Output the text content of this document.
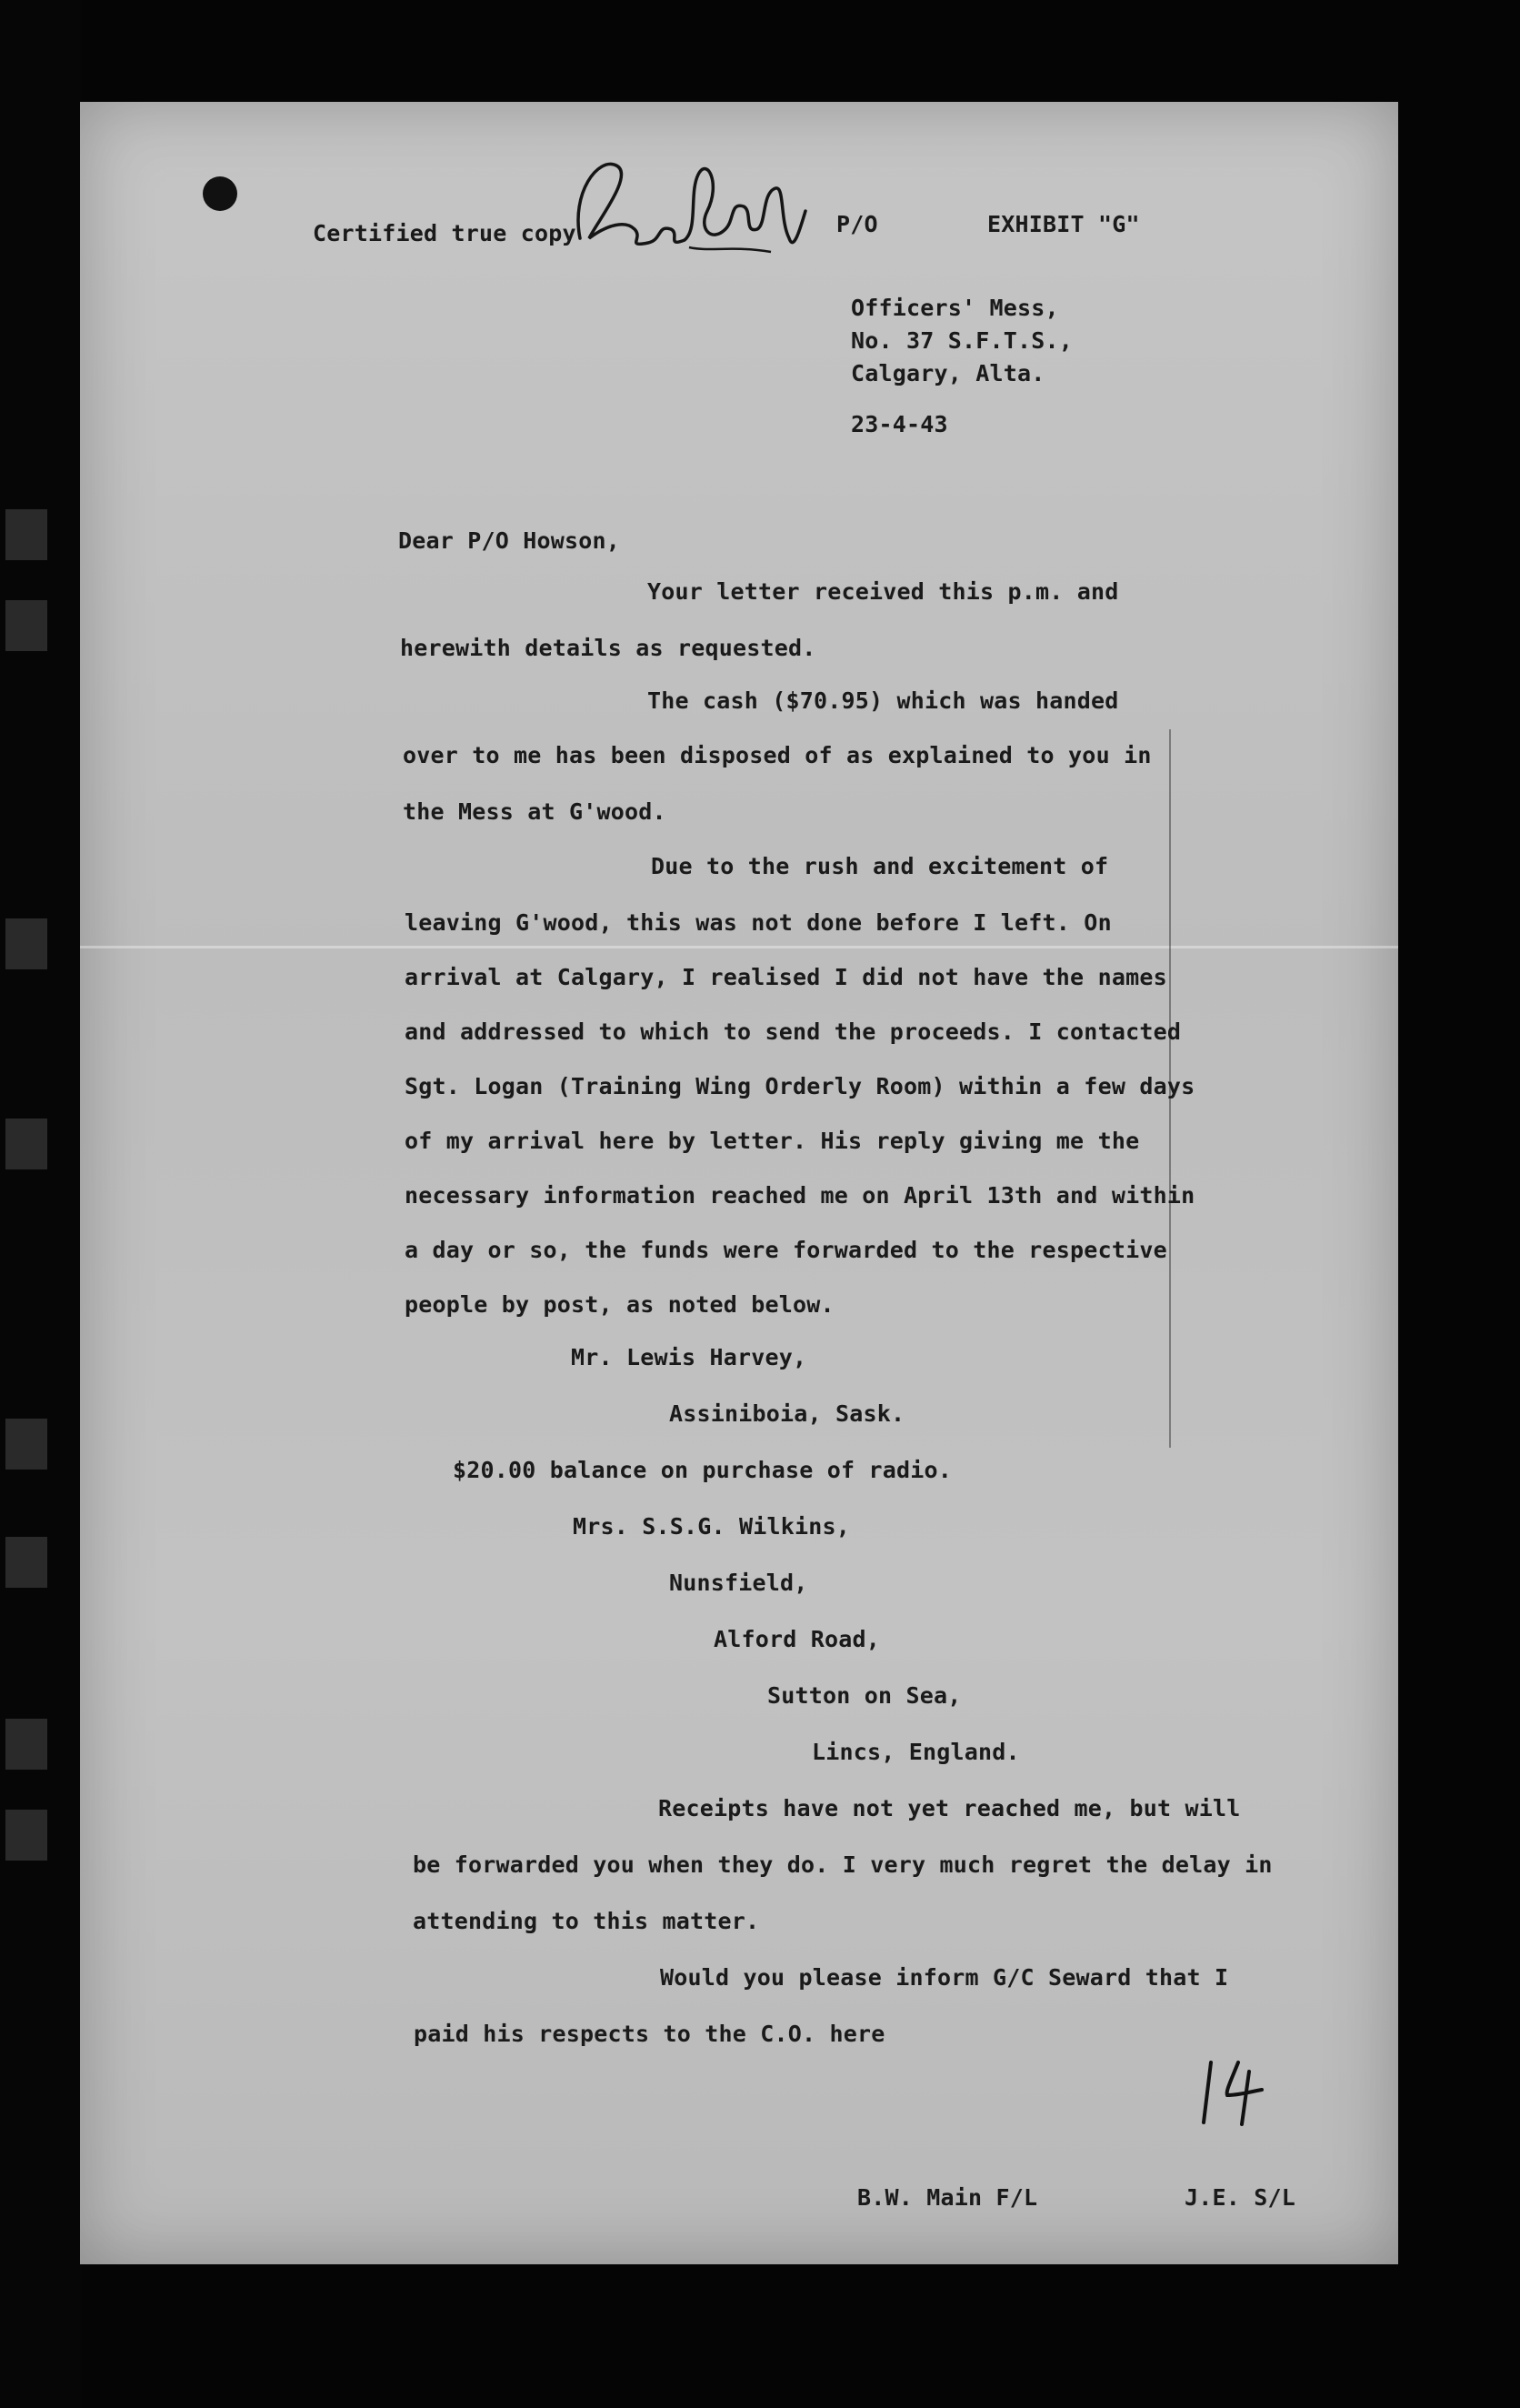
Certified true copy	P/O	EXHIBIT "G"
Officers' Mess,
No. 37 S.F.T.S.,
Calgary, Alta.
23-4-43
Dear P/O Howson,
Your letter received this p.m. and
herewith details as requested.
The cash ($70.95) which was handed
over to me has been disposed of as explained to you in
the Mess at G'wood.
Due to the rush and excitement of
leaving G'wood, this was not done before I left. On
arrival at Calgary, I realised I did not have the names
and addressed to which to send the proceeds. I contacted
Sgt. Logan (Training Wing Orderly Room) within a few days
of my arrival here by letter. His reply giving me the
necessary information reached me on April 13th and within
a day or so, the funds were forwarded to the respective
people by post, as noted below.
Mr. Lewis Harvey,
Assiniboia, Sask.
$20.00 balance on purchase of radio.
Mrs. S.S.G. Wilkins,
Nunsfield,
Alford Road,
Sutton on Sea,
Lincs, England.
Receipts have not yet reached me, but will
be forwarded you when they do. I very much regret the delay in
attending to this matter.
Would you please inform G/C Seward that I
paid his respects to the C.O. here
B.W. Main F/L	J.E. S/L
